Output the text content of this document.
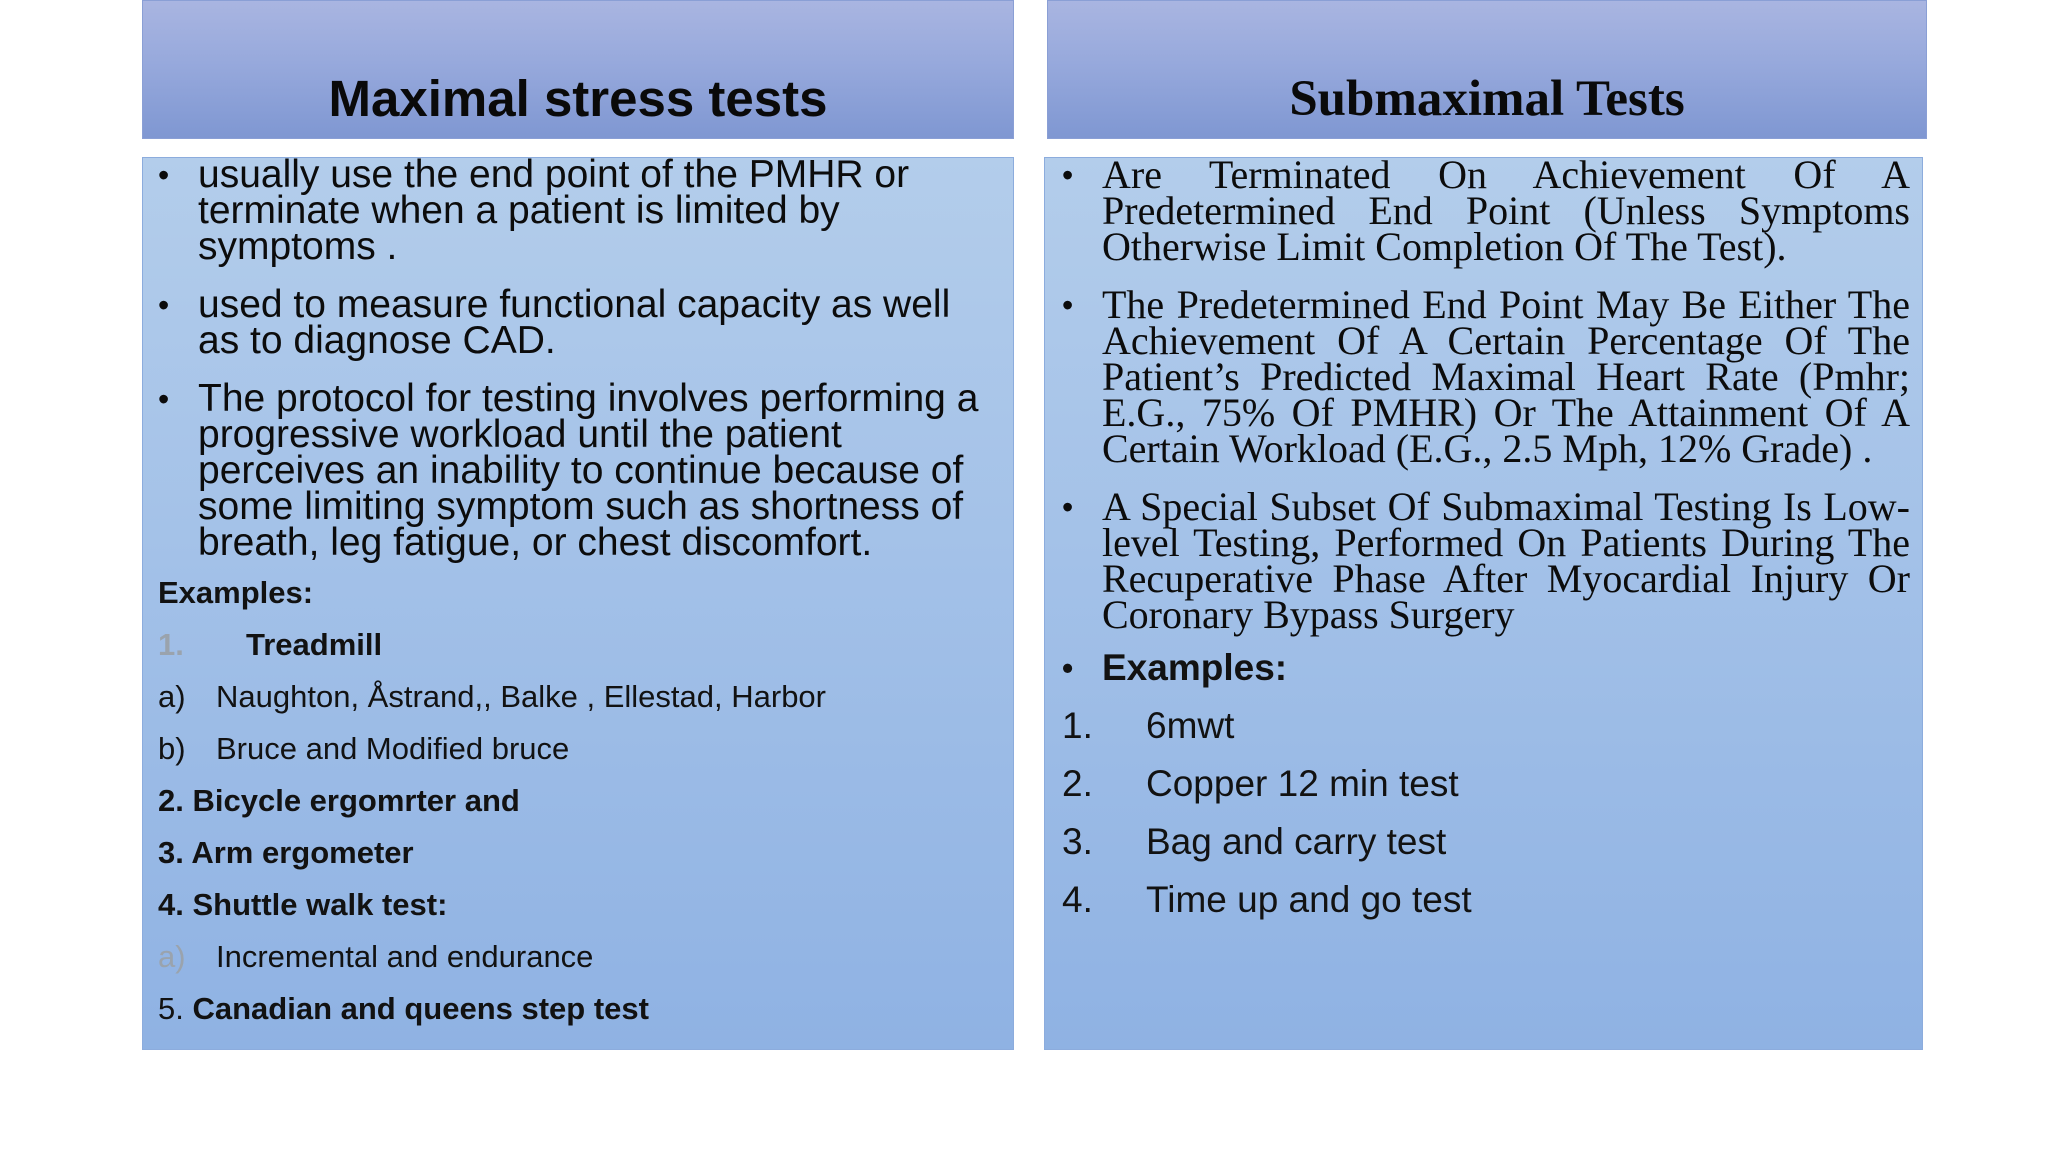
Maximal stress tests	Submaximal Tests
• usually use the end point of the PMHR or terminate when a patient is limited by symptoms .
• used to measure functional capacity as well as to diagnose CAD.
• The protocol for testing involves performing a progressive workload until the patient perceives an inability to continue because of some limiting symptom such as shortness of breath, leg fatigue, or chest discomfort.
Examples:
1. Treadmill
a) Naughton, Åstrand,, Balke , Ellestad, Harbor
b) Bruce and Modified bruce
2. Bicycle ergomrter and
3. Arm ergometer
4. Shuttle walk test:
a) Incremental and endurance
5. Canadian and queens step test
• Are Terminated On Achievement Of A Predetermined End Point (Unless Symptoms Otherwise Limit Completion Of The Test).
• The Predetermined End Point May Be Either The Achievement Of A Certain Percentage Of The Patient’s Predicted Maximal Heart Rate (Pmhr; E.G., 75% Of PMHR) Or The Attainment Of A Certain Workload (E.G., 2.5 Mph, 12% Grade) .
• A Special Subset Of Submaximal Testing Is Low-level Testing, Performed On Patients During The Recuperative Phase After Myocardial Injury Or Coronary Bypass Surgery
• Examples:
1. 6mwt
2. Copper 12 min test
3. Bag and carry test
4. Time up and go test
